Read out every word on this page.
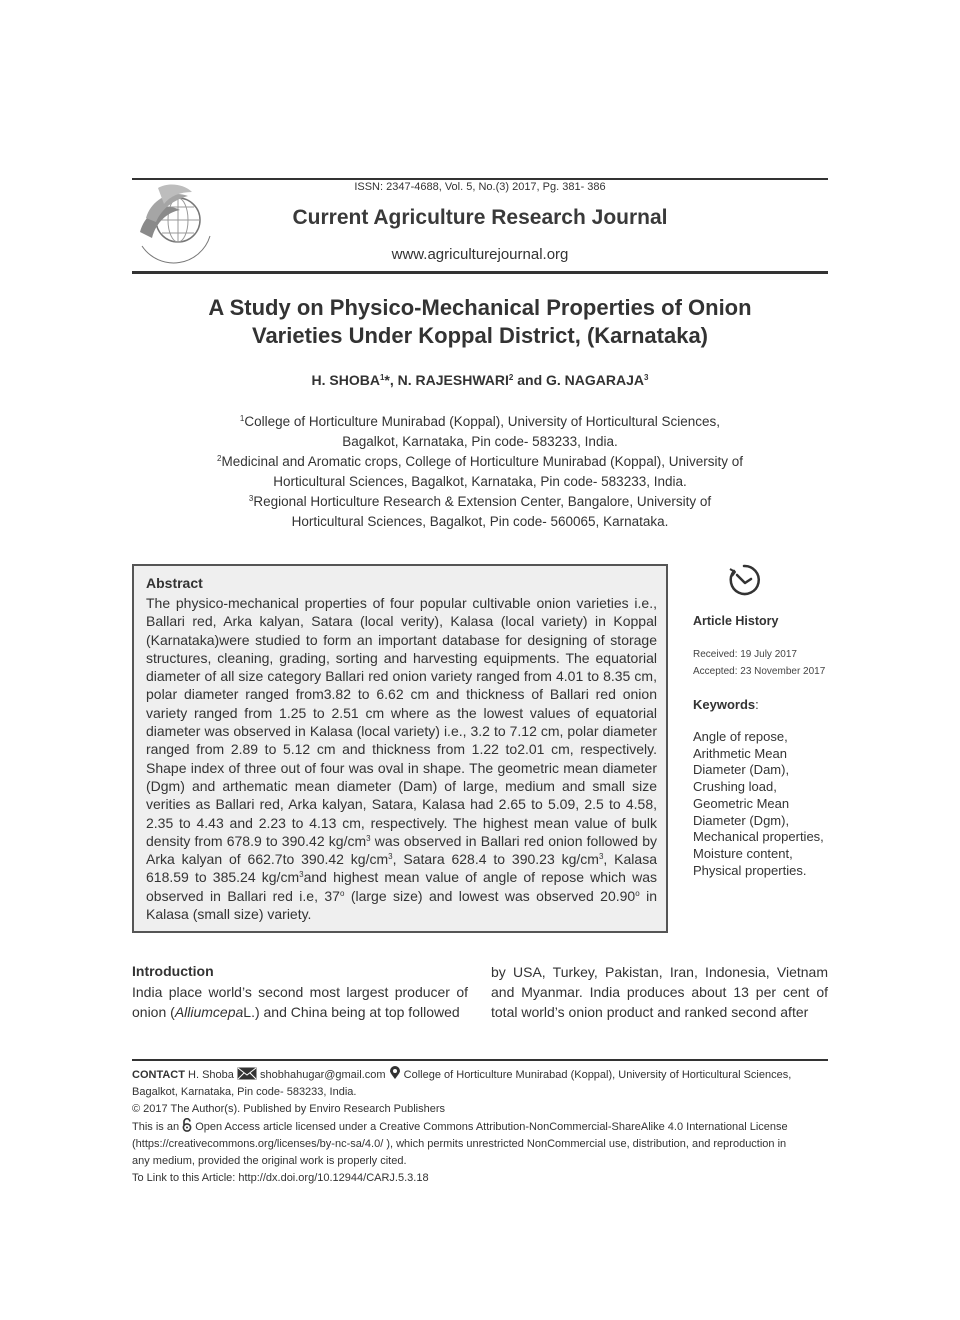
ISSN: 2347-4688, Vol. 5, No.(3) 2017, Pg. 381- 386
Current Agriculture Research Journal
www.agriculturejournal.org
A Study on Physico-Mechanical Properties of Onion
Varieties Under Koppal District, (Karnataka)
H. SHOBA$^1$*, N. RAJESHWARI$^2$ and G. NAGARAJA$^3$
$^1$College of Horticulture Munirabad (Koppal), University of Horticultural Sciences,
Bagalkot, Karnataka, Pin code- 583233, India.
$^2$Medicinal and Aromatic crops, College of Horticulture Munirabad (Koppal), University of
Horticultural Sciences, Bagalkot, Karnataka, Pin code- 583233, India.
$^3$Regional Horticulture Research & Extension Center, Bangalore, University of
Horticultural Sciences, Bagalkot, Pin code- 560065, Karnataka.
Abstract
The physico-mechanical properties of four popular cultivable onion varieties i.e., Ballari red, Arka kalyan, Satara (local verity), Kalasa (local variety) in Koppal (Karnataka)were studied to form an important database for designing of storage structures, cleaning, grading, sorting and harvesting equipments. The equatorial diameter of all size category Ballari red onion variety ranged from 4.01 to 8.35 cm, polar diameter ranged from3.82 to 6.62 cm and thickness of Ballari red onion variety ranged from 1.25 to 2.51 cm where as the lowest values of equatorial diameter was observed in Kalasa (local variety) i.e., 3.2 to 7.12 cm, polar diameter ranged from 2.89 to 5.12 cm and thickness from 1.22 to2.01 cm, respectively. Shape index of three out of four was oval in shape. The geometric mean diameter (Dgm) and arthematic mean diameter (Dam) of large, medium and small size verities as Ballari red, Arka kalyan, Satara, Kalasa had 2.65 to 5.09, 2.5 to 4.58, 2.35 to 4.43 and 2.23 to 4.13 cm, respectively. The highest mean value of bulk density from 678.9 to 390.42 $kg/cm^3$ was observed in Ballari red onion followed by Arka kalyan of 662.7to 390.42 $kg/cm^3$, Satara 628.4 to 390.23 $kg/cm^3$, Kalasa 618.59 to 385.24 $kg/cm^3and$ highest mean value of angle of repose which was observed in Ballari red i.e, 37$^o$ (large size) and lowest was observed 20.90$^o$ in Kalasa (small size) variety.
Article History
Received: 19 July 2017
Accepted: 23 November 2017
Keywords:
Angle of repose,
Arithmetic Mean
Diameter (Dam),
Crushing load,
Geometric Mean
Diameter (Dgm),
Mechanical properties,
Moisture content,
Physical properties.
Introduction
India place world’s second most largest producer of onion (AlliumcepaL.) and China being at top followed
by USA, Turkey, Pakistan, Iran, Indonesia, Vietnam and Myanmar. India produces about 13 per cent of total world’s onion product and ranked second after
CONTACT H. Shoba  shobhahugar@gmail.com College of Horticulture Munirabad (Koppal), University of Horticultural Sciences,
Bagalkot, Karnataka, Pin code- 583233, India.
© 2017 The Author(s). Published by Enviro Research Publishers
This is an  Open Access article licensed under a Creative Commons Attribution-NonCommercial-ShareAlike 4.0 International License
(https://creativecommons.org/licenses/by-nc-sa/4.0/ ), which permits unrestricted NonCommercial use, distribution, and reproduction in
any medium, provided the original work is properly cited.
To Link to this Article: http://dx.doi.org/10.12944/CARJ.5.3.18
